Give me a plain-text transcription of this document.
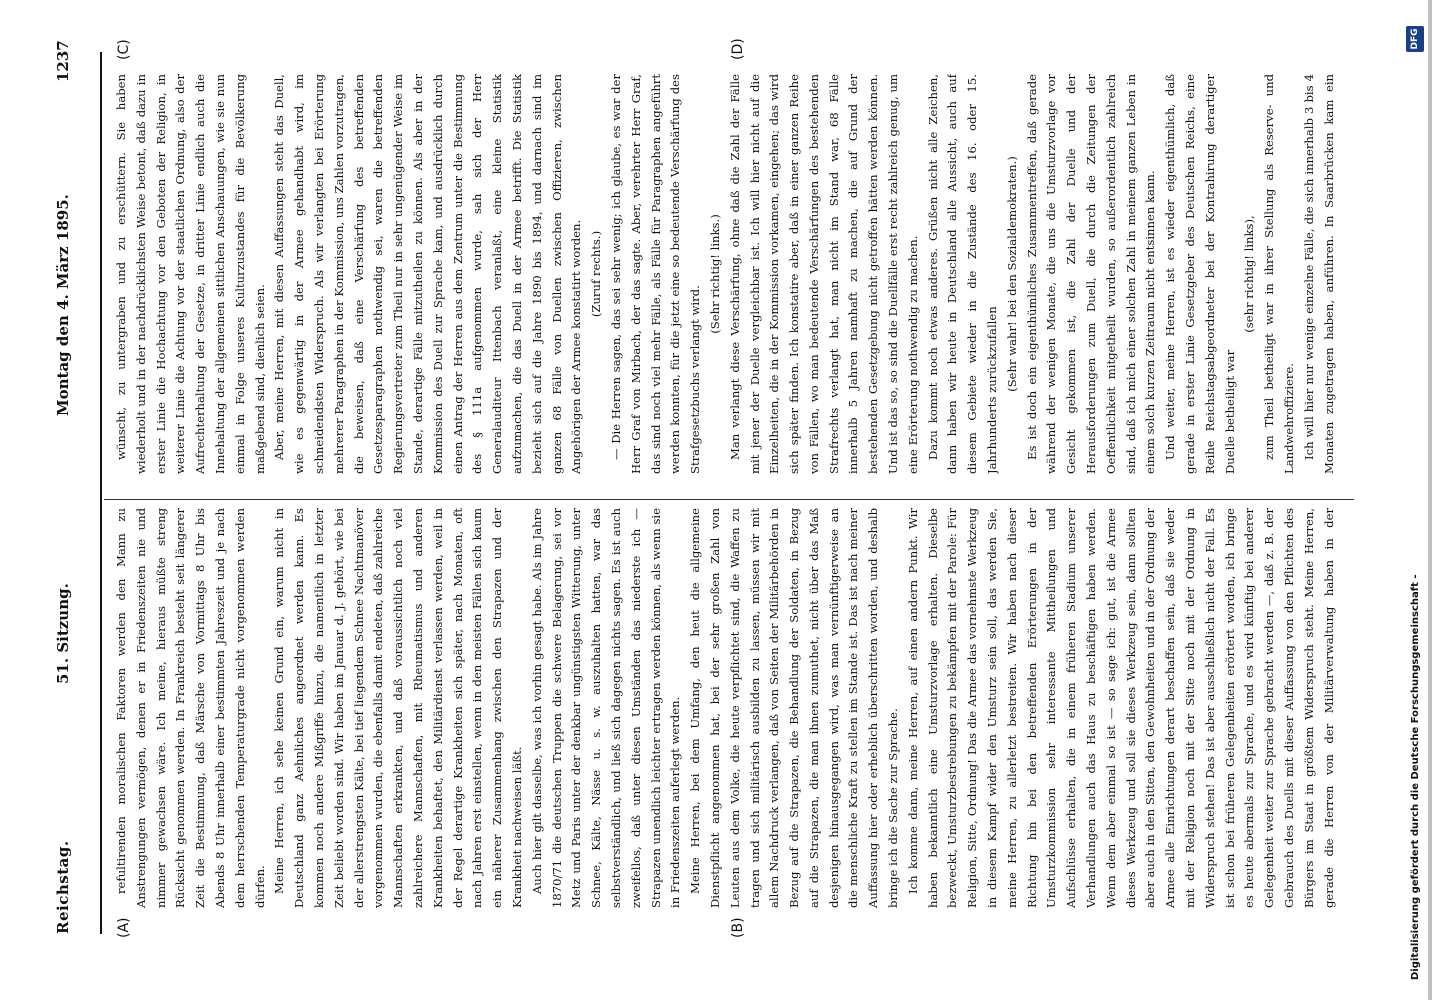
Reichstag.
51. Sitzung.
Montag den 4. März 1895.
1237
(A)	(B)
(C)	(D)

refultirenden moralischen Faktoren werden den Mann zu Anstrengungen vermögen, denen er in Friedenszeiten nie und nimmer gewachsen wäre. Ich meine, hieraus müßte streng Rücksicht genommen werden. In Frankreich besteht seit längerer Zeit die Bestimmung, daß Märsche von Vormittags 8 Uhr bis Abends 8 Uhr innerhalb einer bestimmten Jahreszeit und je nach dem herrschenden Temperaturgrade nicht vorgenommen werden dürfen. Meine Herren, ich sehe keinen Grund ein, warum nicht in Deutschland ganz Aehnliches angeordnet werden kann. Es kommen noch andere Mißgriffe hinzu, die namentlich in letzter Zeit beliebt worden sind. Wir haben im Januar d. J. gehört, wie bei der allerstrengsten Kälte, bei tief liegendem Schnee Nachtmanöver vorgenommen wurden, die ebenfalls damit endeten, daß zahlreiche Mannschaften erkrankten, und daß voraussichtlich noch viel zahlreichere Mannschaften, mit Rheumatismus und anderen Krankheiten behaftet, den Militärdienst verlassen werden, weil in der Regel derartige Krankheiten sich später, nach Monaten, oft nach Jahren erst einstellen, wenn in den meisten Fällen sich kaum ein näherer Zusammenhang zwischen den Strapazen und der Krankheit nachweisen läßt. Auch hier gilt dasselbe, was ich vorhin gesagt habe. Als im Jahre 1870/71 die deutschen Truppen die schwere Belagerung, sei vor Metz und Paris unter der denkbar ungünstigsten Witterung, unter Schnee, Kälte, Nässe u. s. w. auszuhalten hatten, war das selbstverständlich, und ließ sich dagegen nichts sagen. Es ist auch zweifellos, daß unter diesen Umständen das niederste ich — Strapazen unendlich leichter ertragen werden können, als wenn sie in Friedenszeiten auferlegt werden. Meine Herren, bei dem Umfang, den heut die allgemeine Dienstpflicht angenommen hat, bei der sehr großen Zahl von Leuten aus dem Volke, die heute verpflichtet sind, die Waffen zu tragen und sich militärisch ausbilden zu lassen, müssen wir mit allem Nachdruck verlangen, daß von Seiten der Militärbehörden in Bezug auf die Strapazen, die Behandlung der Soldaten, in Bezug auf die Strapazen, die man ihnen zumuthet, nicht über das Maß desjenigen hinausgegangen wird, was man vernünftigerweise an die menschliche Kraft zu stellen im Stande ist. Das ist nach meiner Auffassung hier oder erheblich überschritten worden, und deshalb bringe ich die Sache zur Sprache. Ich komme dann, meine Herren, auf einen andern Punkt. Wir haben bekanntlich eine Umsturzvorlage erhalten. Dieselbe bezweckt, Umsturzbestrebungen zu bekämpfen mit der Parole: Für Religion, Sitte, Ordnung! Das die Armee das vornehmste Werkzeug in diesem Kampf wider den Umsturz sein soll, das werden Sie, meine Herren, zu allerletzt bestreiten. Wir haben nach dieser Richtung hin bei den betreffenden Erörterungen in der Umsturzkommission sehr interessante Mittheilungen und Aufschlüsse erhalten, die in einem früheren Stadium unserer Verhandlungen auch das Haus zu beschäftigen haben werden. Wenn dem aber einmal so ist — so sage ich: gut, ist die Armee dieses Werkzeug und soll sie dieses Werkzeug sein, dann sollten aber auch in den Sitten, den Gewohnheiten und in der Ordnung der Armee alle Einrichtungen derart beschaffen sein, daß sie weder mit der Religion noch mit der Sitte noch mit der Ordnung in Widerspruch stehen! Das ist aber ausschließlich nicht der Fall. Es ist schon bei früheren Gelegenheiten erörtert worden, ich bringe es heute abermals zur Sprache, und es wird künftig bei anderer Gelegenheit weiter zur Sprache gebracht werden —, daß z. B. der Gebrauch des Duells mit dieser Auffassung von den Pflichten des Bürgers im Staat in größtem Widerspruch steht. Meine Herren, gerade die Herren von der Militärverwaltung haben in der

wünscht, zu untergraben und zu erschüttern. Sie haben wiederholt und in der nachdrücklichsten Weise betont, daß dazu in erster Linie die Hochachtung vor den Geboten der Religion, in weiterer Linie die Achtung vor der staatlichen Ordnung, also der Aufrechterhaltung der Gesetze, in dritter Linie endlich auch die Innehaltung der allgemeinen sittlichen Anschauungen, wie sie nun einmal in Folge unseres Kulturzustandes für die Bevölkerung maßgebend sind, dienlich seien. Aber, meine Herren, mit diesen Auffassungen steht das Duell, wie es gegenwärtig in der Armee gehandhabt wird, im schneidendsten Widerspruch. Als wir verlangten bei Erörterung mehrerer Paragraphen in der Kommission, uns Zahlen vorzutragen, die beweisen, daß eine Verschärfung des betreffenden Gesetzesparagraphen nothwendig sei, waren die betreffenden Regierungsvertreter zum Theil nur in sehr ungenügender Weise im Stande, derartige Fälle mitzutheilen zu können. Als aber in der Kommission des Duell zur Sprache kam, und ausdrücklich durch einen Antrag der Herren aus dem Zentrum unter die Bestimmung des § 111a aufgenommen wurde, sah sich der Herr Generalauditeur Ittenbach veranlaßt, eine kleine Statistik aufzumachen, die das Duell in der Armee betrifft. Die Statistik bezieht sich auf die Jahre 1890 bis 1894, und darnach sind im ganzen 68 Fälle von Duellen zwischen Offizieren, zwischen Angehörigen der Armee konstatirt worden. (Zuruf rechts.) — Die Herren sagen, das sei sehr wenig; ich glaube, es war der Herr Graf von Mirbach, der das sagte. Aber, verehrter Herr Graf, das sind noch viel mehr Fälle, als Fälle für Paragraphen angeführt werden konnten, für die jetzt eine so bedeutende Verschärfung des Strafgesetzbuchs verlangt wird.

(Sehr richtig! links.) Man verlangt diese Verschärfung, ohne daß die Zahl der Fälle mit jener der Duelle vergleichbar ist. Ich will hier nicht auf die Einzelheiten, die in der Kommission vorkamen, eingehen; das wird sich später finden. Ich konstatire aber, daß in einer ganzen Reihe von Fällen, wo man bedeutende Verschärfungen des bestehenden Strafrechts verlangt hat, man nicht im Stand war, 68 Fälle innerhalb 5 Jahren namhaft zu machen, die auf Grund der bestehenden Gesetzgebung nicht getroffen hätten werden können. Und ist das so, so sind die Duellfälle erst recht zahlreich genug, um eine Erörterung nothwendig zu machen. Dazu kommt noch etwas anderes. Grüßen nicht alle Zeichen, dann haben wir heute in Deutschland alle Aussicht, auch auf diesem Gebiete wieder in die Zustände des 16. oder 15. Jahrhunderts zurückzufallen (Sehr wahr! bei den Sozialdemokraten.) Es ist doch ein eigenthümliches Zusammentreffen, daß gerade während der wenigen Monate, die uns die Umsturzvorlage vor Gesicht gekommen ist, die Zahl der Duelle und der Herausforderungen zum Duell, die durch die Zeitungen der Oeffentlichkeit mitgetheilt wurden, so außerordentlich zahlreich sind, daß ich mich einer solchen Zahl in meinem ganzen Leben in einem solch kurzen Zeitraum nicht entsinnen kann. Und weiter, meine Herren, ist es wieder eigenthümlich, daß gerade in erster Linie Gesetzgeber des Deutschen Reichs, eine Reihe Reichstagsabgeordneter bei der Kontrahirung derartiger Duelle betheiligt war

(sehr richtig! links), zum Theil betheiligt war in ihrer Stellung als Reserve- und Landwehroffiziere. Ich will hier nur wenige einzelne Fälle, die sich innerhalb 3 bis 4 Monaten zugetragen haben, anführen. In Saarbrücken kam ein

Digitalisierung gefördert durch die Deutsche Forschungsgemeinschaft -
DFG
